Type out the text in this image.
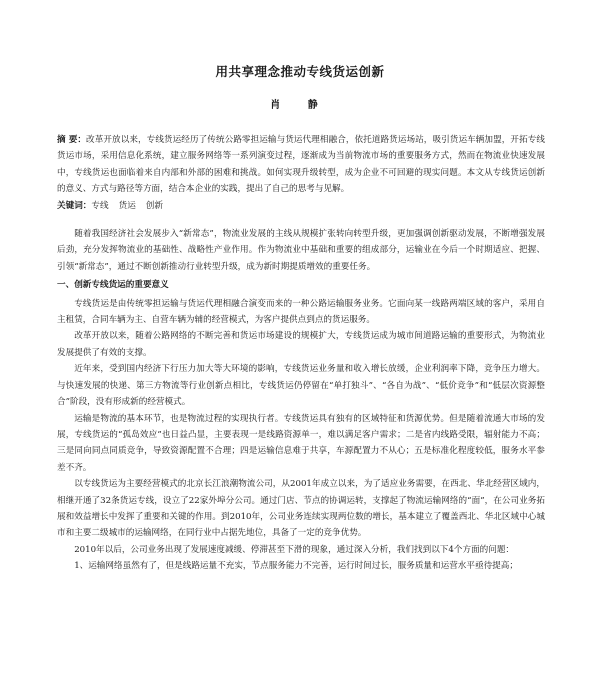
用共享理念推动专线货运创新
肖 静

摘 要：改革开放以来，专线货运经历了传统公路零担运输与货运代理相融合，依托道路货运场站，吸引货运车辆加盟，开拓专线货运市场，采用信息化系统，建立服务网络等一系列演变过程，逐渐成为当前物流市场的重要服务方式，然而在物流业快速发展中，专线货运也面临着来自内部和外部的困难和挑战。如何实现升级转型，成为企业不可回避的现实问题。本文从专线货运创新的意义、方式与路径等方面，结合本企业的实践，提出了自己的思考与见解。

关键词：专线 货运 创新

随着我国经济社会发展步入“新常态”，物流业发展的主线从规模扩张转向转型升级，更加强调创新驱动发展，不断增强发展后劲，充分发挥物流业的基础性、战略性产业作用。作为物流业中基础和重要的组成部分，运输业在今后一个时期适应、把握、引领“新常态”，通过不断创新推动行业转型升级，成为新时期提质增效的重要任务。

一、创新专线货运的重要意义

专线货运是由传统零担运输与货运代理相融合演变而来的一种公路运输服务业务。它面向某一线路两端区域的客户，采用自主租赁，合同车辆为主、自营车辆为辅的经营模式，为客户提供点到点的货运服务。

改革开放以来，随着公路网络的不断完善和货运市场建设的规模扩大，专线货运成为城市间道路运输的重要形式，为物流业发展提供了有效的支撑。

近年来，受到国内经济下行压力加大等大环境的影响，专线货运业务量和收入增长放缓，企业利润率下降，竞争压力增大。与快速发展的快递、第三方物流等行业创新点相比，专线货运仍停留在“单打独斗”、“各自为战”、“低价竞争”和“低层次资源整合”阶段，没有形成新的经营模式。

运输是物流的基本环节，也是物流过程的实现执行者。专线货运具有独有的区域特征和货源优势。但是随着流通大市场的发展，专线货运的“孤岛效应”也日益凸显，主要表现一是线路资源单一，难以满足客户需求；二是省内线路受限，辐射能力不高；三是同向同点同质竞争，导致资源配置不合理；四是运输信息难于共享，车源配置力不从心；五是标准化程度较低，服务水平参差不齐。

以专线货运为主要经营模式的北京长江浪潮物流公司，从2001年成立以来，为了适应业务需要，在西北、华北经营区域内，相继开通了32条货运专线，设立了22家外埠分公司。通过门店、节点的协调运转，支撑起了物流运输网络的“面”，在公司业务拓展和效益增长中发挥了重要和关键的作用。到2010年，公司业务连续实现两位数的增长，基本建立了覆盖西北、华北区域中心城市和主要二级城市的运输网络，在同行业中占据先地位，具备了一定的竞争优势。

2010年以后，公司业务出现了发展速度减缓、停滞甚至下滑的现象，通过深入分析，我们找到以下4个方面的问题：

1、运输网络虽然有了，但是线路运量不充实，节点服务能力不完善，运行时间过长，服务质量和运营水平亟待提高；
